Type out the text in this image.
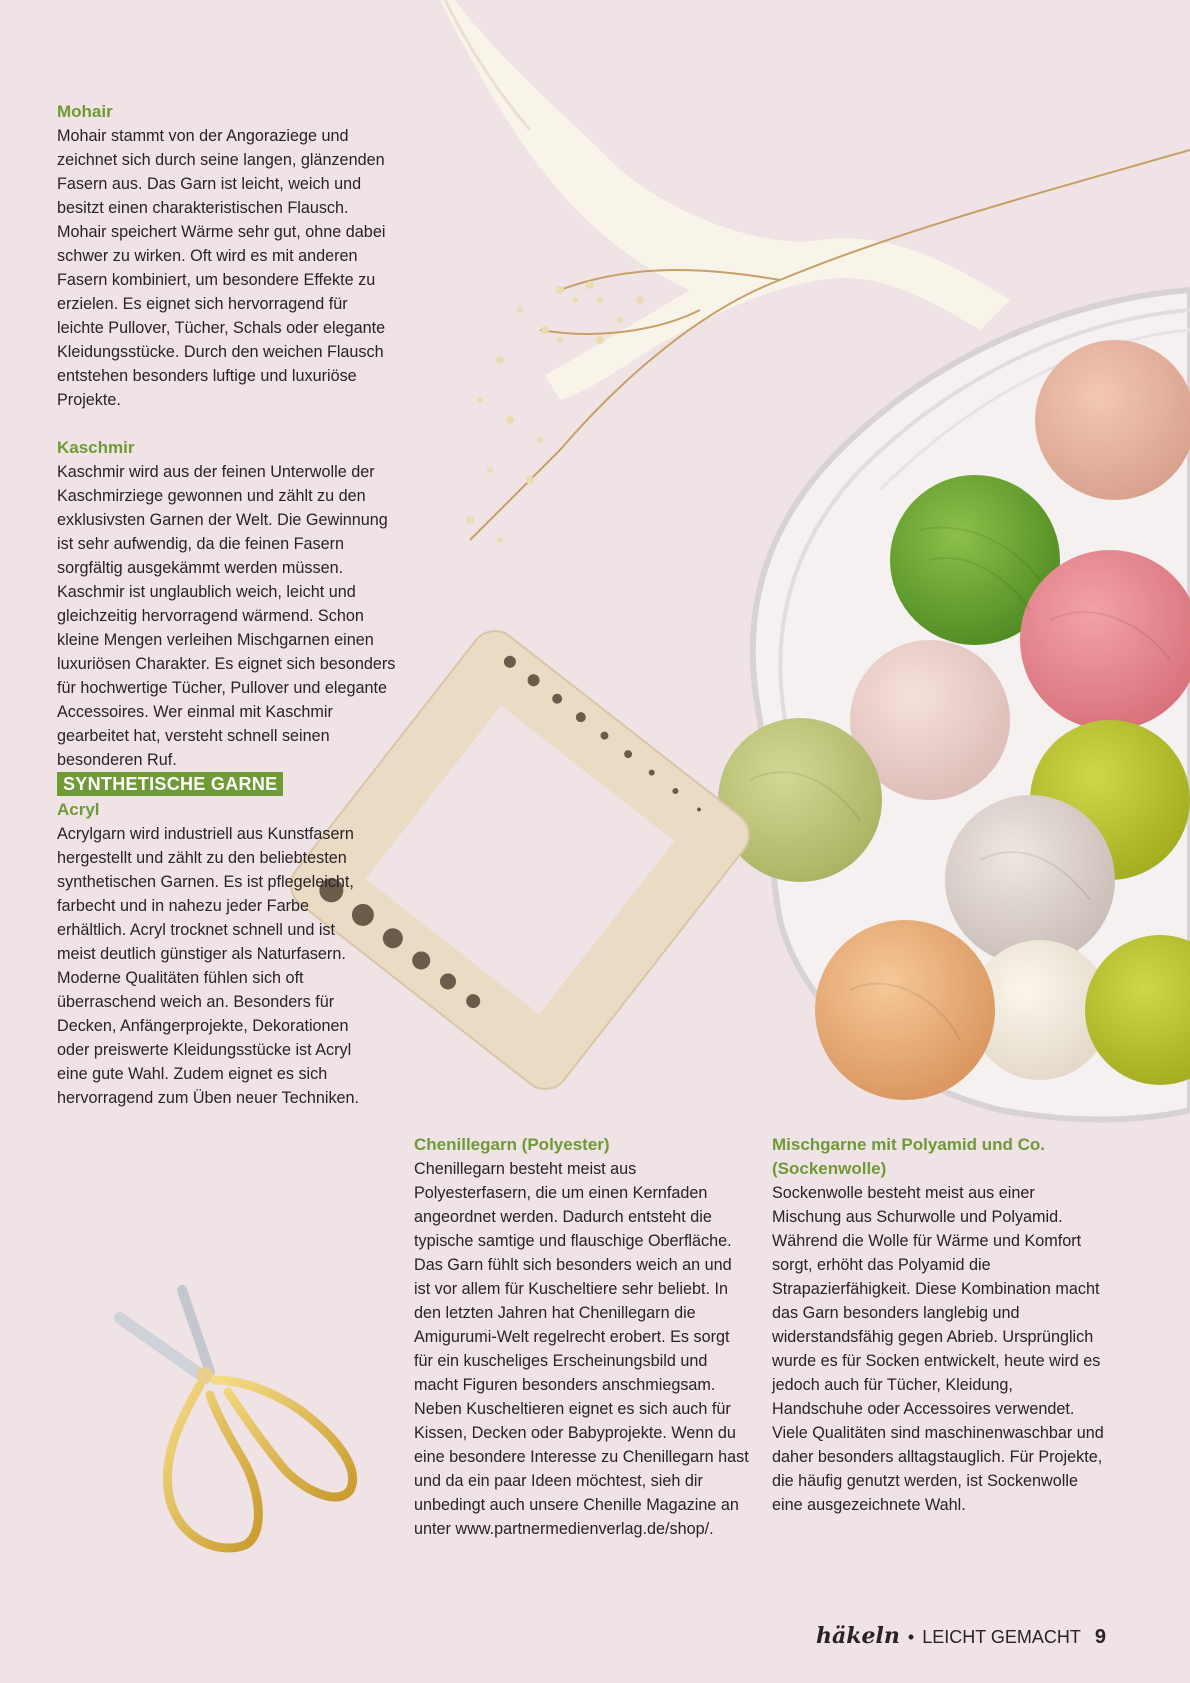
Mohair

Mohair stammt von der Angoraziege und zeichnet sich durch seine langen, glänzenden Fasern aus. Das Garn ist leicht, weich und besitzt einen charakteristischen Flausch. Mohair speichert Wärme sehr gut, ohne dabei schwer zu wirken. Oft wird es mit anderen Fasern kombiniert, um besondere Effekte zu erzielen. Es eignet sich hervorragend für leichte Pullover, Tücher, Schals oder elegante Kleidungsstücke. Durch den weichen Flausch entstehen besonders luftige und luxuriöse Projekte.

Kaschmir

Kaschmir wird aus der feinen Unterwolle der Kaschmirziege gewonnen und zählt zu den exklusivsten Garnen der Welt. Die Gewinnung ist sehr aufwendig, da die feinen Fasern sorgfältig ausgekämmt werden müssen. Kaschmir ist unglaublich weich, leicht und gleichzeitig hervorragend wärmend. Schon kleine Mengen verleihen Mischgarnen einen luxuriösen Charakter. Es eignet sich besonders für hochwertige Tücher, Pullover und elegante Accessoires. Wer einmal mit Kaschmir gearbeitet hat, versteht schnell seinen besonderen Ruf.

SYNTHETISCHE GARNE
Acryl

Acrylgarn wird industriell aus Kunstfasern hergestellt und zählt zu den beliebtesten synthetischen Garnen. Es ist pflegeleicht, farbecht und in nahezu jeder Farbe erhältlich. Acryl trocknet schnell und ist meist deutlich günstiger als Naturfasern. Moderne Qualitäten fühlen sich oft überraschend weich an. Besonders für Decken, Anfängerprojekte, Dekorationen oder preiswerte Kleidungsstücke ist Acryl eine gute Wahl. Zudem eignet es sich hervorragend zum Üben neuer Techniken.

Chenillegarn (Polyester)

Chenillegarn besteht meist aus Polyesterfasern, die um einen Kernfaden angeordnet werden. Dadurch entsteht die typische samtige und flauschige Oberfläche. Das Garn fühlt sich besonders weich an und ist vor allem für Kuscheltiere sehr beliebt. In den letzten Jahren hat Chenillegarn die Amigurumi-Welt regelrecht erobert. Es sorgt für ein kuscheliges Erscheinungsbild und macht Figuren besonders anschmiegsam. Neben Kuscheltieren eignet es sich auch für Kissen, Decken oder Babyprojekte. Wenn du eine besondere Interesse zu Chenillegarn hast und da ein paar Ideen möchtest, sieh dir unbedingt auch unsere Chenille Magazine an unter www.partnermedienverlag.de/shop/.

Mischgarne mit Polyamid und Co. (Sockenwolle)

Sockenwolle besteht meist aus einer Mischung aus Schurwolle und Polyamid. Während die Wolle für Wärme und Komfort sorgt, erhöht das Polyamid die Strapazierfähigkeit. Diese Kombination macht das Garn besonders langlebig und widerstandsfähig gegen Abrieb. Ursprünglich wurde es für Socken entwickelt, heute wird es jedoch auch für Tücher, Kleidung, Handschuhe oder Accessoires verwendet. Viele Qualitäten sind maschinenwaschbar und daher besonders alltagstauglich. Für Projekte, die häufig genutzt werden, ist Sockenwolle eine ausgezeichnete Wahl.

häkeln • LEICHT GEMACHT 9
